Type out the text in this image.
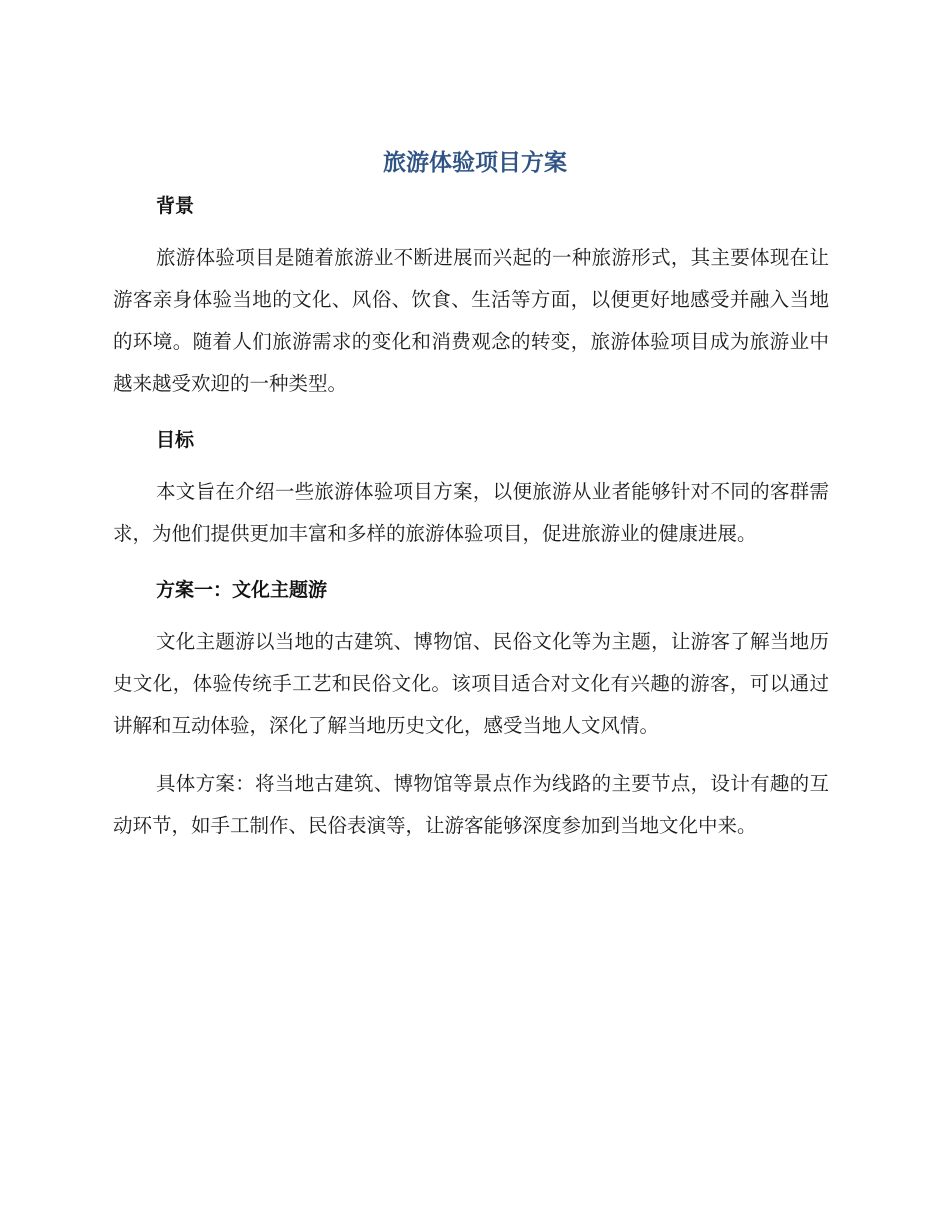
旅游体验项目方案
背景

旅游体验项目是随着旅游业不断进展而兴起的一种旅游形式，其主要体现在让游客亲身体验当地的文化、风俗、饮食、生活等方面，以便更好地感受并融入当地的环境。随着人们旅游需求的变化和消费观念的转变，旅游体验项目成为旅游业中越来越受欢迎的一种类型。

目标

本文旨在介绍一些旅游体验项目方案，以便旅游从业者能够针对不同的客群需求，为他们提供更加丰富和多样的旅游体验项目，促进旅游业的健康进展。

方案一：文化主题游

文化主题游以当地的古建筑、博物馆、民俗文化等为主题，让游客了解当地历史文化，体验传统手工艺和民俗文化。该项目适合对文化有兴趣的游客，可以通过讲解和互动体验，深化了解当地历史文化，感受当地人文风情。

具体方案：将当地古建筑、博物馆等景点作为线路的主要节点，设计有趣的互动环节，如手工制作、民俗表演等，让游客能够深度参加到当地文化中来。
